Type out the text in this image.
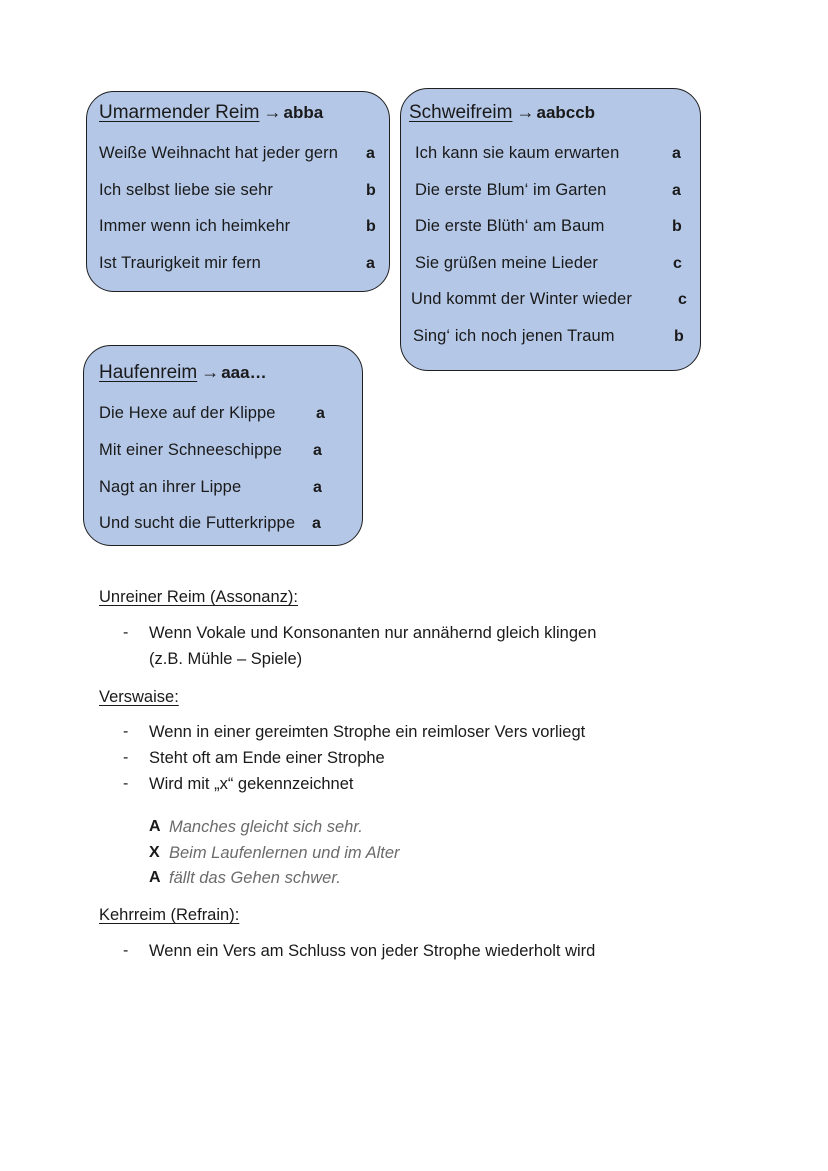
Umarmender Reim → abba
Weiße Weihnacht hat jeder gern a
Ich selbst liebe sie sehr	b
Immer wenn ich heimkehr	b
Ist Traurigkeit mir fern	a
Schweifreim → aabccb
Ich kann sie kaum erwarten	a
Die erste Blum‘ im Garten	a
Die erste Blüth‘ am Baum	b
Sie grüßen meine Lieder	c
Und kommt der Winter wieder	c
Sing‘ ich noch jenen Traum	b
Haufenreim → aaa…
Die Hexe auf der Klippe	a
Mit einer Schneeschippe a
Nagt an ihrer Lippe	a
Und sucht die Futterkrippe a
Unreiner Reim (Assonanz):
- Wenn Vokale und Konsonanten nur annähernd gleich klingen
(z.B. Mühle – Spiele)
Verswaise:
- Wenn in einer gereimten Strophe ein reimloser Vers vorliegt
- Steht oft am Ende einer Strophe
- Wird mit „x“ gekennzeichnet
A Manches gleicht sich sehr.
X Beim Laufenlernen und im Alter
A fällt das Gehen schwer.
Kehrreim (Refrain):
- Wenn ein Vers am Schluss von jeder Strophe wiederholt wird
